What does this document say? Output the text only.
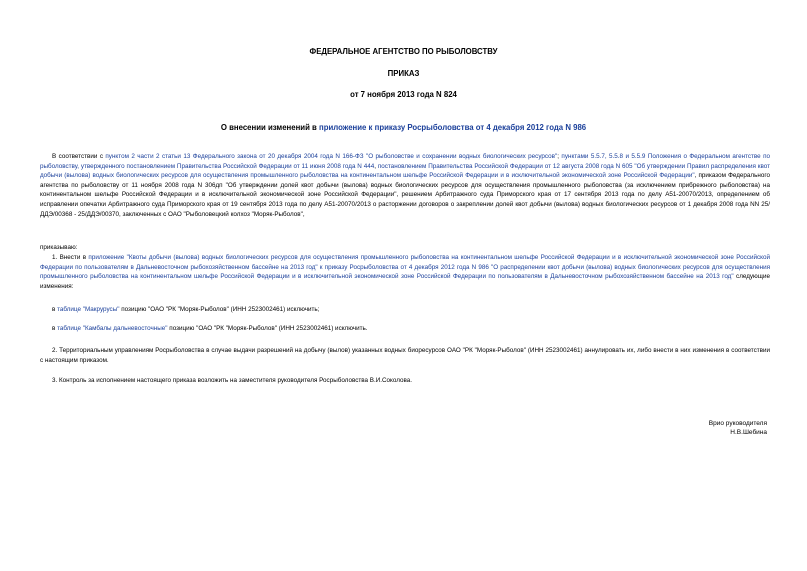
ФЕДЕРАЛЬНОЕ АГЕНТСТВО ПО РЫБОЛОВСТВУ
ПРИКАЗ
от 7 ноября 2013 года N 824
О внесении изменений в приложение к приказу Росрыболовства от 4 декабря 2012 года N 986
В соответствии с пунктом 2 части 2 статьи 13 Федерального закона от 20 декабря 2004 года N 166-ФЗ "О рыболовстве и сохранении водных биологических ресурсов"; пунктами 5.5.7, 5.5.8 и 5.5.9 Положения о Федеральном агентстве по рыболовству, утвержденного постановлением Правительства Российской Федерации от 11 июня 2008 года N 444, постановлением Правительства Российской Федерации от 12 августа 2008 года N 605 "Об утверждении Правил распределения квот добычи (вылова) водных биологических ресурсов для осуществления промышленного рыболовства на континентальном шельфе Российской Федерации и в исключительной экономической зоне Российской Федерации", приказом Федерального агентства по рыболовству от 11 ноября 2008 года N 306дп "Об утверждении долей квот добычи (вылова) водных биологических ресурсов для осуществления промышленного рыболовства (за исключением прибрежного рыболовства) на континентальном шельфе Российской Федерации и в исключительной экономической зоне Российской Федерации", решением Арбитражного суда Приморского края от 17 сентября 2013 года по делу А51-20070/2013, определением об исправлении опечатки Арбитражного суда Приморского края от 19 сентября 2013 года по делу А51-20070/2013 о расторжении договоров о закреплении долей квот добычи (вылова) водных биологических ресурсов от 1 декабря 2008 года NN 25/ДДЭ/00368 - 25/ДДЭ/00370, заключенных с ОАО "Рыболовецкий колхоз "Моряк-Рыболов",
приказываю:
1. Внести в приложение "Квоты добычи (вылова) водных биологических ресурсов для осуществления промышленного рыболовства на континентальном шельфе Российской Федерации и в исключительной экономической зоне Российской Федерации по пользователям в Дальневосточном рыбохозяйственном бассейне на 2013 год" к приказу Росрыболовства от 4 декабря 2012 года N 986 "О распределении квот добычи (вылова) водных биологических ресурсов для осуществления промышленного рыболовства на континентальном шельфе Российской Федерации и в исключительной экономической зоне Российской Федерации по пользователям в Дальневосточном рыбохозяйственном бассейне на 2013 год" следующие изменения:
в таблице "Макрурусы" позицию "ОАО "РК "Моряк-Рыболов" (ИНН 2523002461) исключить;
в таблице "Камбалы дальневосточные" позицию "ОАО "РК "Моряк-Рыболов" (ИНН 2523002461) исключить.
2. Территориальным управлениям Росрыболовства в случае выдачи разрешений на добычу (вылов) указанных водных биоресурсов ОАО "РК "Моряк-Рыболов" (ИНН 2523002461) аннулировать их, либо внести в них изменения в соответствии с настоящим приказом.
3. Контроль за исполнением настоящего приказа возложить на заместителя руководителя Росрыболовства В.И.Соколова.
Врио руководителя
Н.В.Шебина
